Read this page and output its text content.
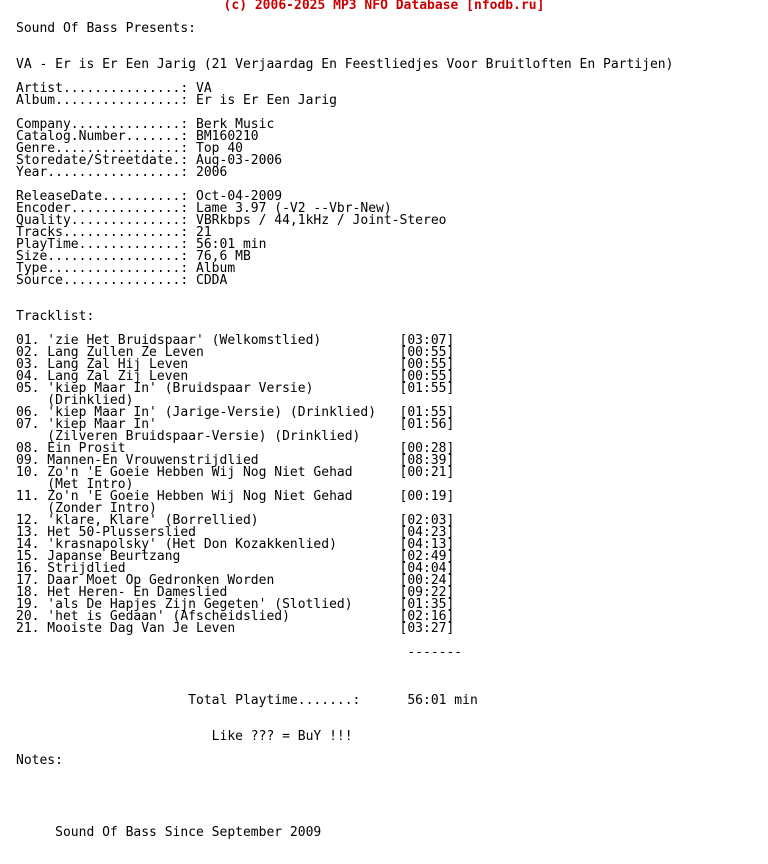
(c) 2006-2025 MP3 NFO Database [nfodb.ru]
Sound Of Bass Presents:
VA - Er is Er Een Jarig (21 Verjaardag En Feestliedjes Voor Bruitloften En Partijen)
Artist...............: VA
Album................: Er is Er Een Jarig
Company..............: Berk Music
Catalog.Number.......: BM160210
Genre................: Top 40
Storedate/Streetdate.: Aug-03-2006
Year.................: 2006
ReleaseDate..........: Oct-04-2009
Encoder..............: Lame 3.97 (-V2 --Vbr-New)
Quality..............: VBRkbps / 44,1kHz / Joint-Stereo
Tracks...............: 21
PlayTime.............: 56:01 min
Size.................: 76,6 MB
Type.................: Album
Source...............: CDDA
Tracklist:
01. 'zie Het Bruidspaar' (Welkomstlied)          [03:07]
02. Lang Zullen Ze Leven                         [00:55]
03. Lang Zal Hij Leven                           [00:55]
04. Lang Zal Zij Leven                           [00:55]
05. 'kiep Maar In' (Bruidspaar Versie)           [01:55]
(Drinklied)
06. 'kiep Maar In' (Jarige-Versie) (Drinklied)   [01:55]
07. 'kiep Maar In'                               [01:56]
(Zilveren Bruidspaar-Versie) (Drinklied)
08. Ein Prosit                                   [00:28]
09. Mannen-En Vrouwenstrijdlied                  [08:39]
10. Zo'n 'E Goeie Hebben Wij Nog Niet Gehad      [00:21]
(Met Intro)
11. Zo'n 'E Goeie Hebben Wij Nog Niet Gehad      [00:19]
(Zonder Intro)
12. 'klare, Klare' (Borrellied)                  [02:03]
13. Het 50-Plusserslied                          [04:23]
14. 'krasnapolsky' (Het Don Kozakkenlied)        [04:13]
15. Japanse Beurtzang                            [02:49]
16. Strijdlied                                   [04:04]
17. Daar Moet Op Gedronken Worden                [00:24]
18. Het Heren- En Dameslied                      [09:22]
19. 'als De Hapjes Zijn Gegeten' (Slotlied)      [01:35]
20. 'het is Gedaan' (Afscheidslied)              [02:16]
21. Mooiste Dag Van Je Leven                     [03:27]
-------
Total Playtime.......:      56:01 min
Like ??? = BuY !!!
Notes:
Sound Of Bass Since September 2009
